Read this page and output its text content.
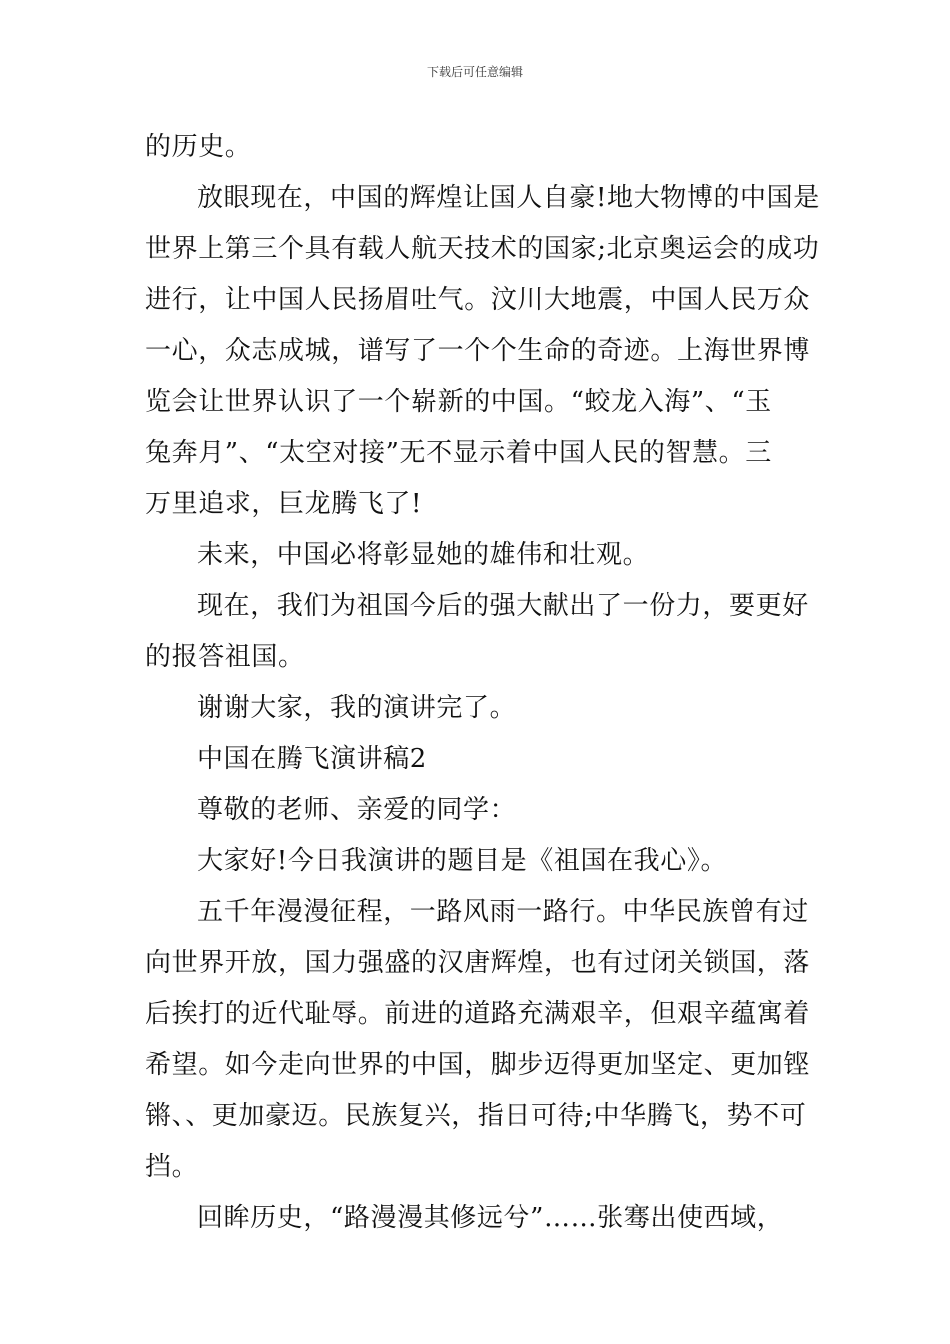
下载后可任意编辑
的历史。
放眼现在，中国的辉煌让国人自豪!地大物博的中国是
世界上第三个具有载人航天技术的国家;北京奥运会的成功
进行，让中国人民扬眉吐气。汶川大地震，中国人民万众
一心，众志成城，谱写了一个个生命的奇迹。上海世界博
览会让世界认识了一个崭新的中国。“蛟龙入海”、“玉
兔奔月”、“太空对接”无不显示着中国人民的智慧。三
万里追求，巨龙腾飞了!
未来，中国必将彰显她的雄伟和壮观。
现在，我们为祖国今后的强大献出了一份力，要更好
的报答祖国。
谢谢大家，我的演讲完了。
中国在腾飞演讲稿2
尊敬的老师、亲爱的同学：
大家好!今日我演讲的题目是《祖国在我心》。
五千年漫漫征程，一路风雨一路行。中华民族曾有过
向世界开放，国力强盛的汉唐辉煌，也有过闭关锁国，落
后挨打的近代耻辱。前进的道路充满艰辛，但艰辛蕴寓着
希望。如今走向世界的中国，脚步迈得更加坚定、更加铿
锵、、更加豪迈。民族复兴，指日可待;中华腾飞，势不可
挡。
回眸历史，“路漫漫其修远兮”……张骞出使西域，
